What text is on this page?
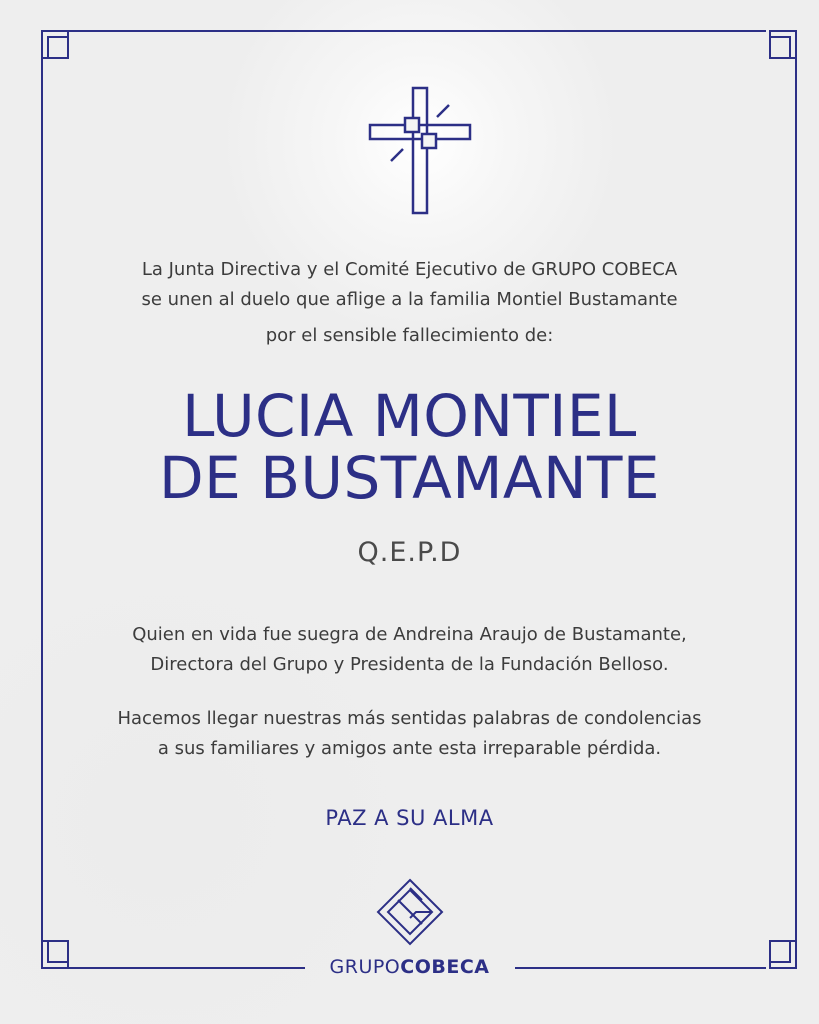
La Junta Directiva y el Comité Ejecutivo de GRUPO COBECA
se unen al duelo que aflige a la familia Montiel Bustamante
por el sensible fallecimiento de:
LUCIA MONTIEL
DE BUSTAMANTE
Q.E.P.D
Quien en vida fue suegra de Andreina Araujo de Bustamante,
Directora del Grupo y Presidenta de la Fundación Belloso.
Hacemos llegar nuestras más sentidas palabras de condolencias
a sus familiares y amigos ante esta irreparable pérdida.
PAZ A SU ALMA
GRUPOCOBECA
